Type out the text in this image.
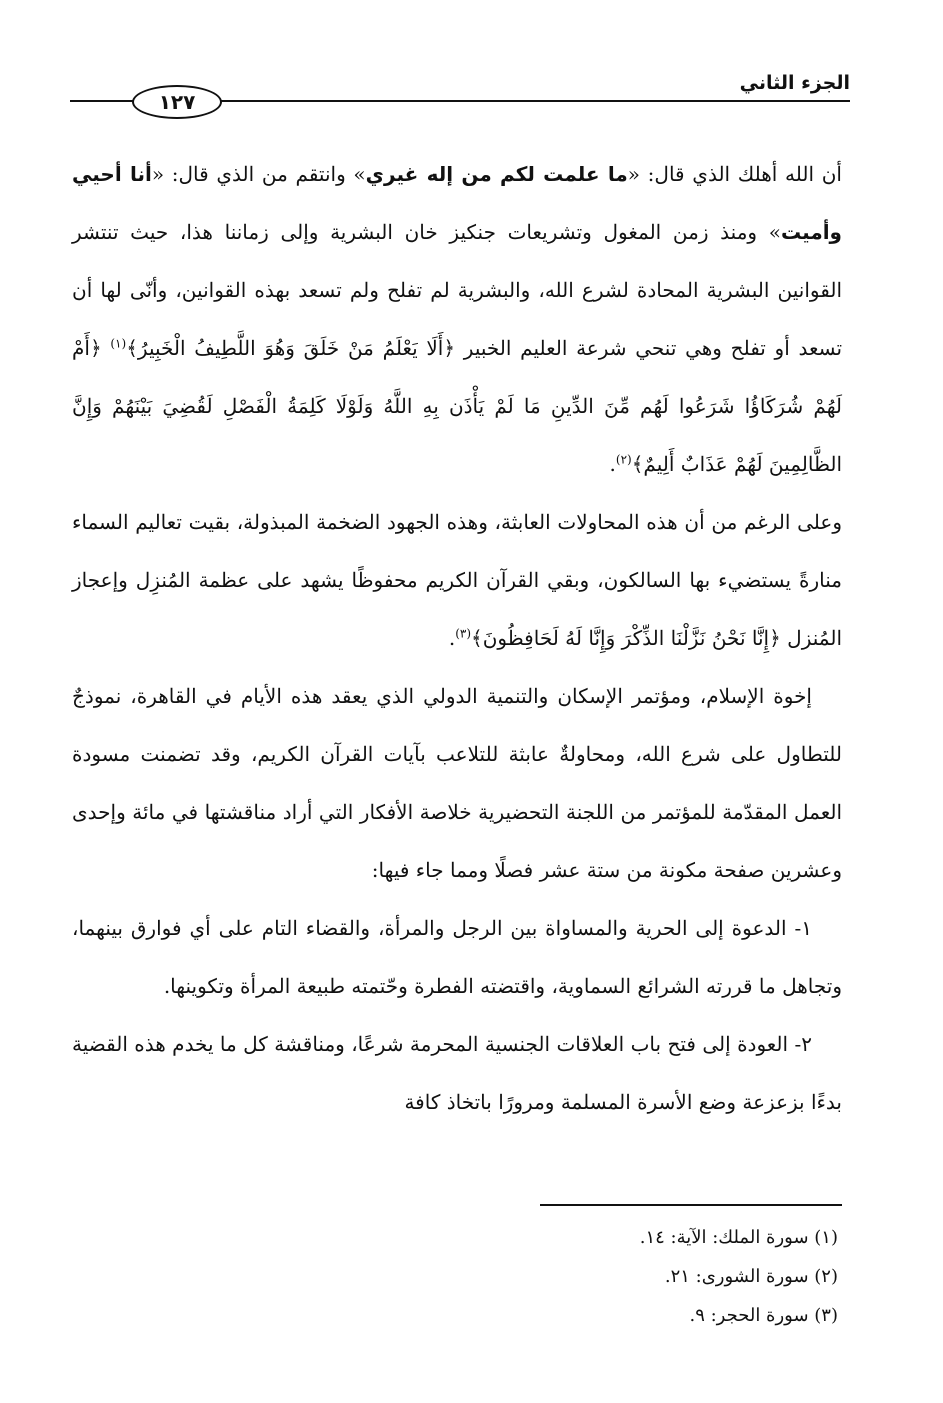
الجزء الثاني
١٢٧

أن الله أهلك الذي قال: «ما علمت لكم من إله غيري» وانتقم من الذي قال: «أنا أحيي وأميت» ومنذ زمن المغول وتشريعات جنكيز خان البشرية وإلى زماننا هذا، حيث تنتشر القوانين البشرية المحادة لشرع الله، والبشرية لم تفلح ولم تسعد بهذه القوانين، وأنّى لها أن تسعد أو تفلح وهي تنحي شرعة العليم الخبير ﴿أَلَا يَعْلَمُ مَنْ خَلَقَ وَهُوَ اللَّطِيفُ الْخَبِيرُ﴾$^{(١)}$ ﴿أَمْ لَهُمْ شُرَكَاؤُا شَرَعُوا لَهُم مِّنَ الدِّينِ مَا لَمْ يَأْذَن بِهِ اللَّهُ وَلَوْلَا كَلِمَةُ الْفَصْلِ لَقُضِيَ بَيْنَهُمْ وَإِنَّ الظَّالِمِينَ لَهُمْ عَذَابٌ أَلِيمٌ﴾$^{(٢)}$.

وعلى الرغم من أن هذه المحاولات العابثة، وهذه الجهود الضخمة المبذولة، بقيت تعاليم السماء منارةً يستضيء بها السالكون، وبقي القرآن الكريم محفوظًا يشهد على عظمة المُنزِل وإعجاز المُنزل ﴿إِنَّا نَحْنُ نَزَّلْنَا الذِّكْرَ وَإِنَّا لَهُ لَحَافِظُونَ﴾$^{(٣)}$.

إخوة الإسلام، ومؤتمر الإسكان والتنمية الدولي الذي يعقد هذه الأيام في القاهرة، نموذجٌ للتطاول على شرع الله، ومحاولةٌ عابثة للتلاعب بآيات القرآن الكريم، وقد تضمنت مسودة العمل المقدّمة للمؤتمر من اللجنة التحضيرية خلاصة الأفكار التي أراد مناقشتها في مائة وإحدى وعشرين صفحة مكونة من ستة عشر فصلًا ومما جاء فيها:

١- الدعوة إلى الحرية والمساواة بين الرجل والمرأة، والقضاء التام على أي فوارق بينهما، وتجاهل ما قررته الشرائع السماوية، واقتضته الفطرة وحّتمته طبيعة المرأة وتكوينها.

٢- العودة إلى فتح باب العلاقات الجنسية المحرمة شرعًا، ومناقشة كل ما يخدم هذه القضية بدءًا بزعزعة وضع الأسرة المسلمة ومرورًا باتخاذ كافة

(١) سورة الملك: الآية: ١٤.

(٢) سورة الشورى: ٢١.

(٣) سورة الحجر: ٩.
